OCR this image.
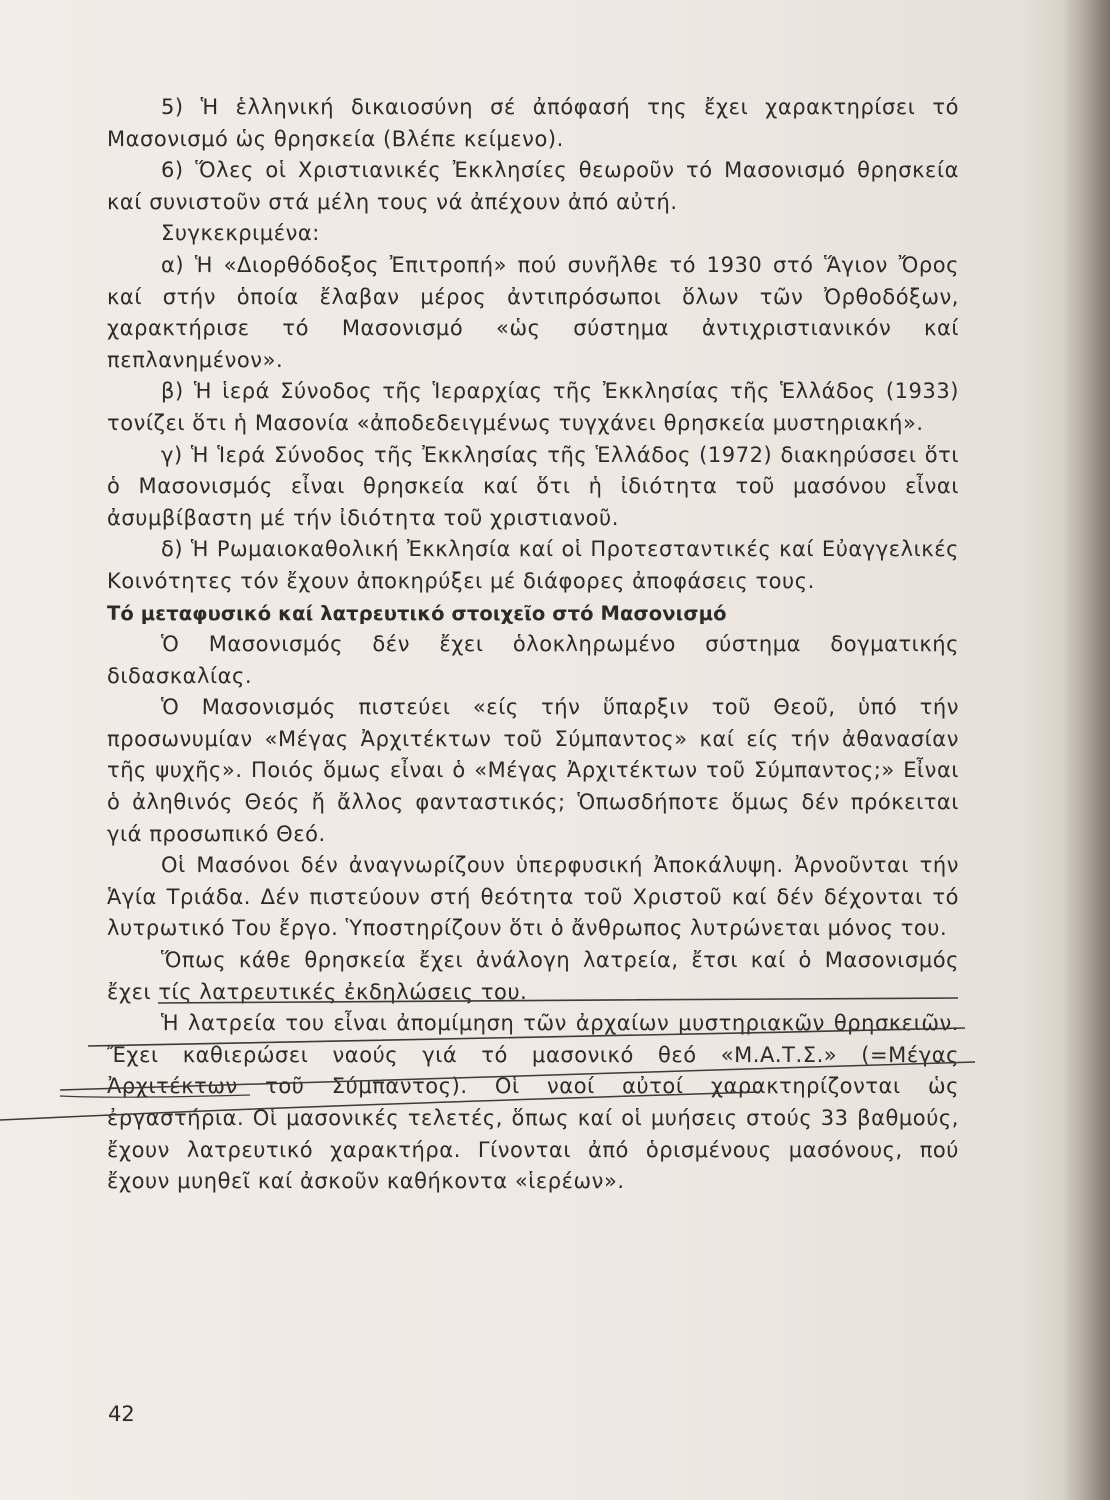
5) Ἡ ἑλληνική δικαιοσύνη σέ ἀπόφασή της ἔχει χαρακτηρίσει τό Μασονισμό ὡς θρησκεία (Βλέπε κείμενο).

6) Ὅλες οἱ Χριστιανικές Ἐκκλησίες θεωροῦν τό Μασονισμό θρησκεία καί συνιστοῦν στά μέλη τους νά ἀπέχουν ἀπό αὐτή.

Συγκεκριμένα:

α) Ἡ «Διορθόδοξος Ἐπιτροπή» πού συνῆλθε τό 1930 στό Ἅγιον Ὄρος καί στήν ὁποία ἔλαβαν μέρος ἀντιπρόσωποι ὅλων τῶν Ὀρθοδόξων, χαρακτήρισε τό Μασονισμό «ὡς σύστημα ἀντιχριστιανικόν καί πεπλανημένον».

β) Ἡ ἱερά Σύνοδος τῆς Ἱεραρχίας τῆς Ἐκκλησίας τῆς Ἑλλάδος (1933) τονίζει ὅτι ἡ Μασονία «ἀποδεδειγμένως τυγχάνει θρησκεία μυστηριακή».

γ) Ἡ Ἱερά Σύνοδος τῆς Ἐκκλησίας τῆς Ἑλλάδος (1972) διακηρύσσει ὅτι ὁ Μασονισμός εἶναι θρησκεία καί ὅτι ἡ ἰδιότητα τοῦ μασόνου εἶναι ἀσυμβίβαστη μέ τήν ἰδιότητα τοῦ χριστιανοῦ.

δ) Ἡ Ρωμαιοκαθολική Ἐκκλησία καί οἱ Προτεσταντικές καί Εὐαγγελικές Κοινότητες τόν ἔχουν ἀποκηρύξει μέ διάφορες ἀποφάσεις τους.

Τό μεταφυσικό καί λατρευτικό στοιχεῖο στό Μασονισμό

Ὁ Μασονισμός δέν ἔχει ὁλοκληρωμένο σύστημα δογματικής διδασκαλίας.

Ὁ Μασονισμός πιστεύει «είς τήν ὕπαρξιν τοῦ Θεοῦ, ὑπό τήν προσωνυμίαν «Μέγας Ἀρχιτέκτων τοῦ Σύμπαντος» καί είς τήν ἀθανασίαν τῆς ψυχῆς». Ποιός ὅμως εἶναι ὁ «Μέγας Ἀρχιτέκτων τοῦ Σύμπαντος;» Εἶναι ὁ ἀληθινός Θεός ἤ ἄλλος φανταστικός; Ὁπωσδήποτε ὅμως δέν πρόκειται γιά προσωπικό Θεό.

Οἱ Μασόνοι δέν ἀναγνωρίζουν ὑπερφυσική Ἀποκάλυψη. Ἀρνοῦνται τήν Ἁγία Τριάδα. Δέν πιστεύουν στή θεότητα τοῦ Χριστοῦ καί δέν δέχονται τό λυτρωτικό Του ἔργο. Ὑποστηρίζουν ὅτι ὁ ἄνθρωπος λυτρώνεται μόνος του.

Ὅπως κάθε θρησκεία ἔχει ἀνάλογη λατρεία, ἔτσι καί ὁ Μασονισμός ἔχει τίς λατρευτικές ἐκδηλώσεις του.

Ἡ λατρεία του εἶναι ἀπομίμηση τῶν ἀρχαίων μυστηριακῶν θρησκειῶν. Ἔχει καθιερώσει ναούς γιά τό μασονικό θεό «Μ.Α.Τ.Σ.» (=Μέγας Ἀρχιτέκτων τοῦ Σύμπαντος). Οἱ ναοί αὐτοί χαρακτηρίζονται ὡς ἐργαστήρια. Οἱ μασονικές τελετές, ὅπως καί οἱ μυήσεις στούς 33 βαθμούς, ἔχουν λατρευτικό χαρακτήρα. Γίνονται ἀπό ὁρισμένους μασόνους, πού ἔχουν μυηθεῖ καί ἀσκοῦν καθήκοντα «ἱερέων».

42
